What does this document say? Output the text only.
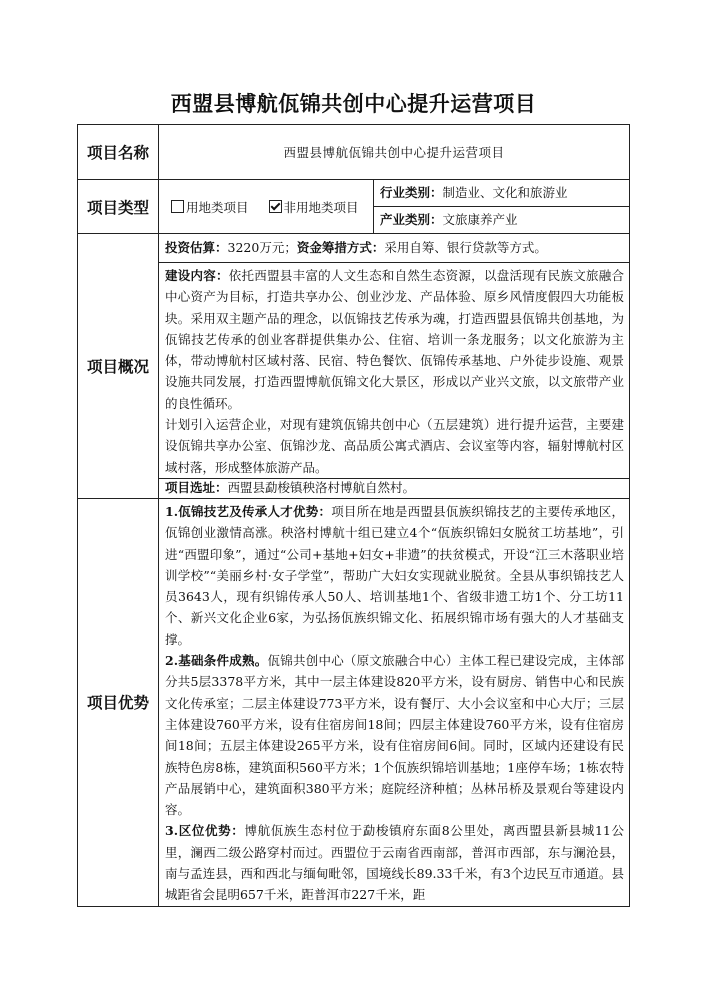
西盟县博航佤锦共创中心提升运营项目
项目名称	西盟县博航佤锦共创中心提升运营项目	
项目类型	用地类项目 非用地类项目	行业类别：制造业、文化和旅游业
产业类别：文旅康养产业

项目概况	投资估算：3220万元；资金筹措方式：采用自筹、银行贷款等方式。	

	建设内容：依托西盟县丰富的人文生态和自然生态资源，以盘活现有民族文旅融合中心资产为目标，打造共享办公、创业沙龙、产品体验、原乡风情度假四大功能板块。采用双主题产品的理念，以佤锦技艺传承为魂，打造西盟县佤锦共创基地，为佤锦技艺传承的创业客群提供集办公、住宿、培训一条龙服务；以文化旅游为主体，带动博航村区域村落、民宿、特色餐饮、佤锦传承基地、户外徒步设施、观景设施共同发展，打造西盟博航佤锦文化大景区，形成以产业兴文旅，以文旅带产业的良性循环。

计划引入运营企业，对现有建筑佤锦共创中心（五层建筑）进行提升运营，主要建设佤锦共享办公室、佤锦沙龙、高品质公寓式酒店、会议室等内容，辐射博航村区域村落，形成整体旅游产品。	

	项目选址：西盟县勐梭镇秧洛村博航自然村。	
项目优势	1.佤锦技艺及传承人才优势：项目所在地是西盟县佤族织锦技艺的主要传承地区，佤锦创业激情高涨。秧洛村博航十组已建立4个“佤族织锦妇女脱贫工坊基地”，引进“西盟印象”，通过“公司+基地+妇女+非遗”的扶贫模式，开设“江三木落职业培训学校”“美丽乡村·女子学堂”，帮助广大妇女实现就业脱贫。全县从事织锦技艺人员3643人，现有织锦传承人50人、培训基地1个、省级非遗工坊1个、分工坊11个、新兴文化企业6家，为弘扬佤族织锦文化、拓展织锦市场有强大的人才基础支撑。

2.基础条件成熟。佤锦共创中心（原文旅融合中心）主体工程已建设完成，主体部分共5层3378平方米，其中一层主体建设820平方米，设有厨房、销售中心和民族文化传承室；二层主体建设773平方米，设有餐厅、大小会议室和中心大厅；三层主体建设760平方米，设有住宿房间18间；四层主体建设760平方米，设有住宿房间18间；五层主体建设265平方米，设有住宿房间6间。同时，区域内还建设有民族特色房8栋，建筑面积560平方米；1个佤族织锦培训基地；1座停车场；1栋农特产品展销中心，建筑面积380平方米；庭院经济种植；丛林吊桥及景观台等建设内容。

3.区位优势：博航佤族生态村位于勐梭镇府东面8公里处，离西盟县新县城11公里，澜西二级公路穿村而过。西盟位于云南省西南部，普洱市西部，东与澜沧县，南与孟连县，西和西北与缅甸毗邻，国境线长89.33千米，有3个边民互市通道。县城距省会昆明657千米，距普洱市227千米，距	
